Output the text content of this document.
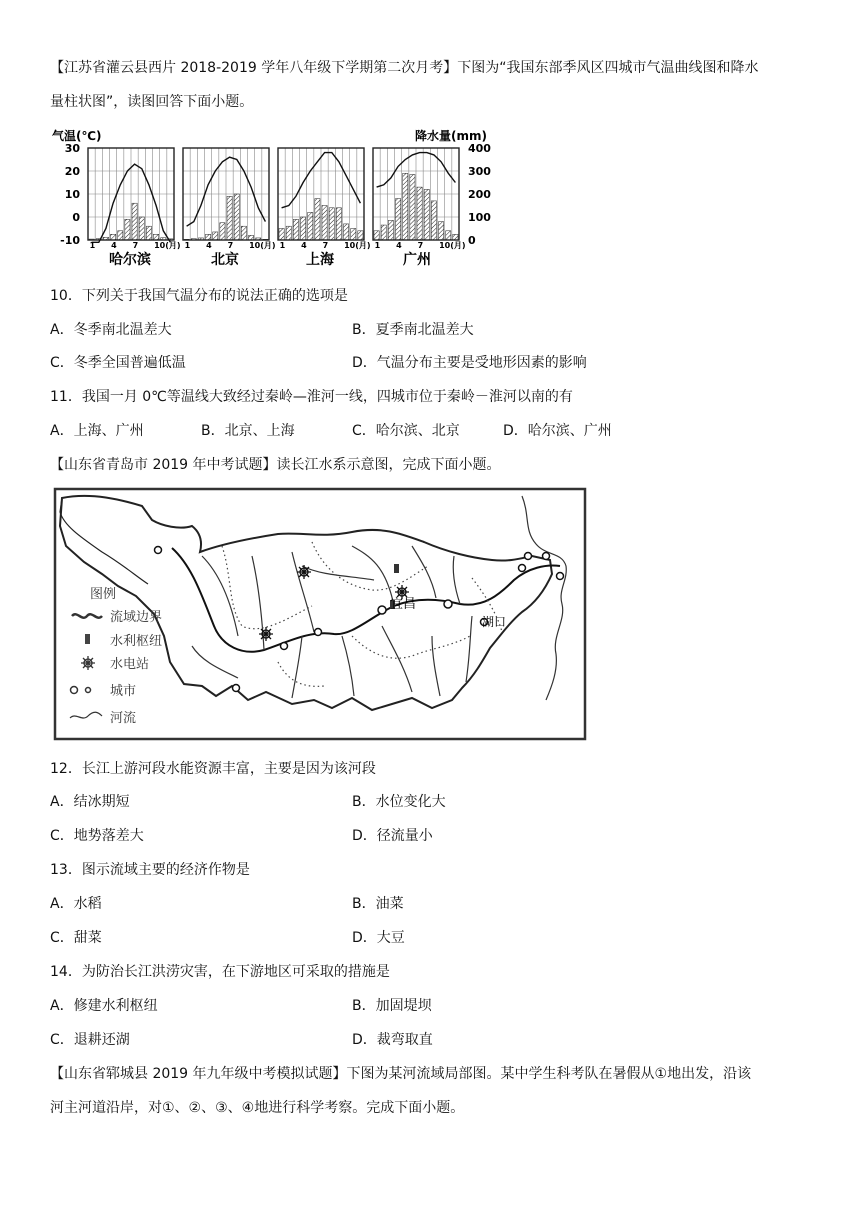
【江苏省灌云县西片 2018-2019 学年八年级下学期第二次月考】下图为“我国东部季风区四城市气温曲线图和降水
量柱状图”，读图回答下面小题。
气温(℃)	降水量(mm)
30
20
10
0
-10
400
300
200
100
0
1 4 7 10(月) 1 4 7 10(月) 1 4 7 10(月) 1 4 7 10(月)
哈尔滨	北京	上海	广州
10．下列关于我国气温分布的说法正确的选项是
A．冬季南北温差大	B．夏季南北温差大
C．冬季全国普遍低温	D．气温分布主要是受地形因素的影响
11．我国一月 0℃等温线大致经过秦岭—淮河一线，四城市位于秦岭－淮河以南的有
A．上海、广州	B．北京、上海	C．哈尔滨、北京	D．哈尔滨、广州
【山东省青岛市 2019 年中考试题】读长江水系示意图，完成下面小题。
宜昌
湖口
图例
流域边界
水利枢纽
水电站
城市
河流
12．长江上游河段水能资源丰富，主要是因为该河段
A．结冰期短	B．水位变化大
C．地势落差大	D．径流量小
13．图示流域主要的经济作物是
A．水稻	B．油菜
C．甜菜	D．大豆
14．为防治长江洪涝灾害，在下游地区可采取的措施是
A．修建水利枢纽	B．加固堤坝
C．退耕还湖	D．裁弯取直
【山东省郓城县 2019 年九年级中考模拟试题】下图为某河流域局部图。某中学生科考队在暑假从①地出发，沿该
河主河道沿岸，对①、②、③、④地进行科学考察。完成下面小题。
